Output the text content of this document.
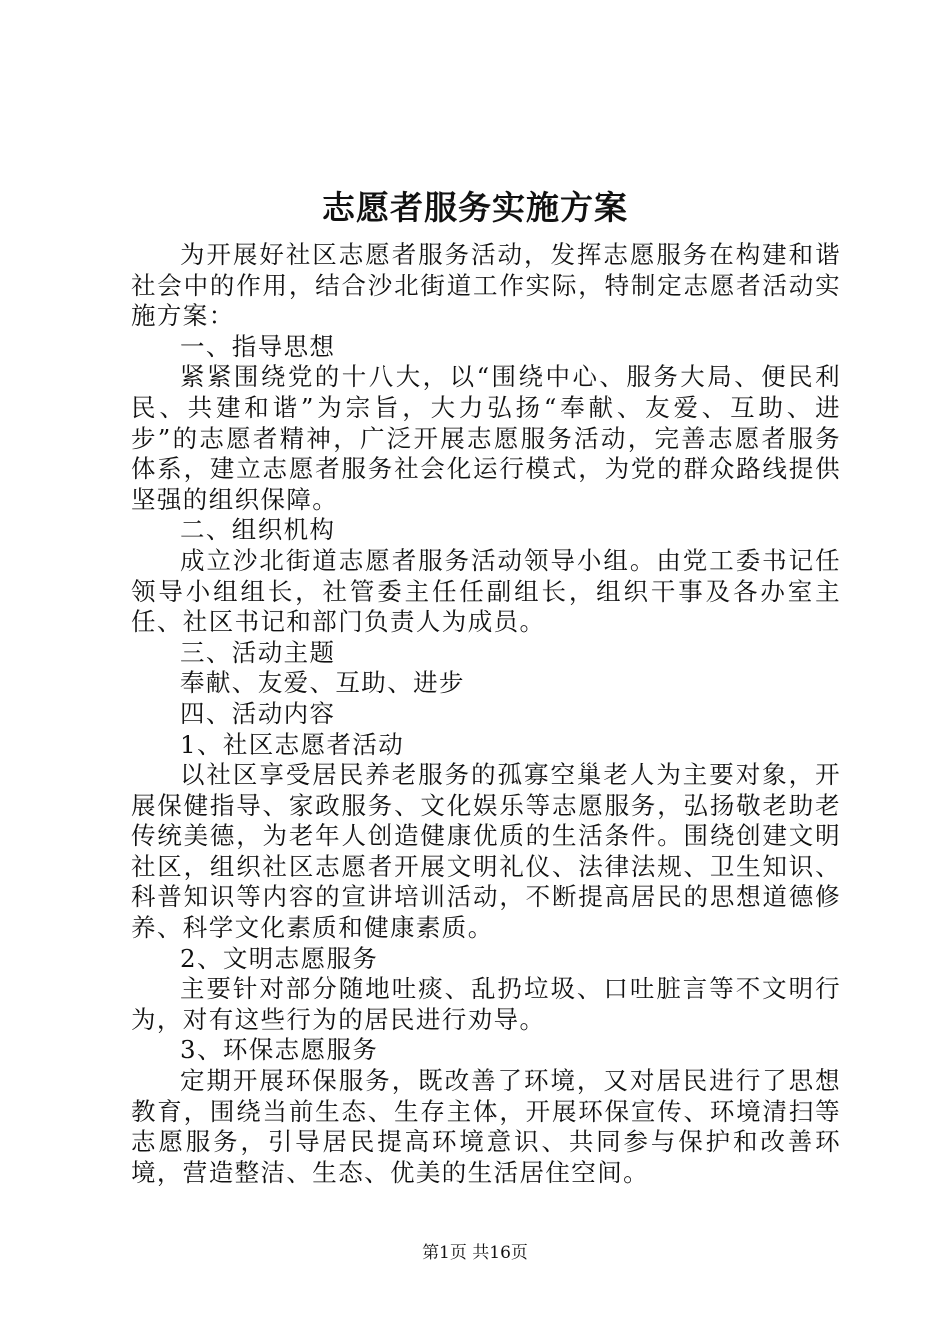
志愿者服务实施方案

为开展好社区志愿者服务活动，发挥志愿服务在构建和谐社会中的作用，结合沙北街道工作实际，特制定志愿者活动实施方案：

一、指导思想

紧紧围绕党的十八大，以“围绕中心、服务大局、便民利民、共建和谐”为宗旨，大力弘扬“奉献、友爱、互助、进步”的志愿者精神，广泛开展志愿服务活动，完善志愿者服务体系，建立志愿者服务社会化运行模式，为党的群众路线提供坚强的组织保障。

二、组织机构

成立沙北街道志愿者服务活动领导小组。由党工委书记任领导小组组长，社管委主任任副组长，组织干事及各办室主任、社区书记和部门负责人为成员。

三、活动主题

奉献、友爱、互助、进步

四、活动内容

1、社区志愿者活动

以社区享受居民养老服务的孤寡空巢老人为主要对象，开展保健指导、家政服务、文化娱乐等志愿服务，弘扬敬老助老传统美德，为老年人创造健康优质的生活条件。围绕创建文明社区，组织社区志愿者开展文明礼仪、法律法规、卫生知识、科普知识等内容的宣讲培训活动，不断提高居民的思想道德修养、科学文化素质和健康素质。

2、文明志愿服务

主要针对部分随地吐痰、乱扔垃圾、口吐脏言等不文明行为，对有这些行为的居民进行劝导。

3、环保志愿服务

定期开展环保服务，既改善了环境，又对居民进行了思想教育，围绕当前生态、生存主体，开展环保宣传、环境清扫等志愿服务，引导居民提高环境意识、共同参与保护和改善环境，营造整洁、生态、优美的生活居住空间。

第1页 共16页
